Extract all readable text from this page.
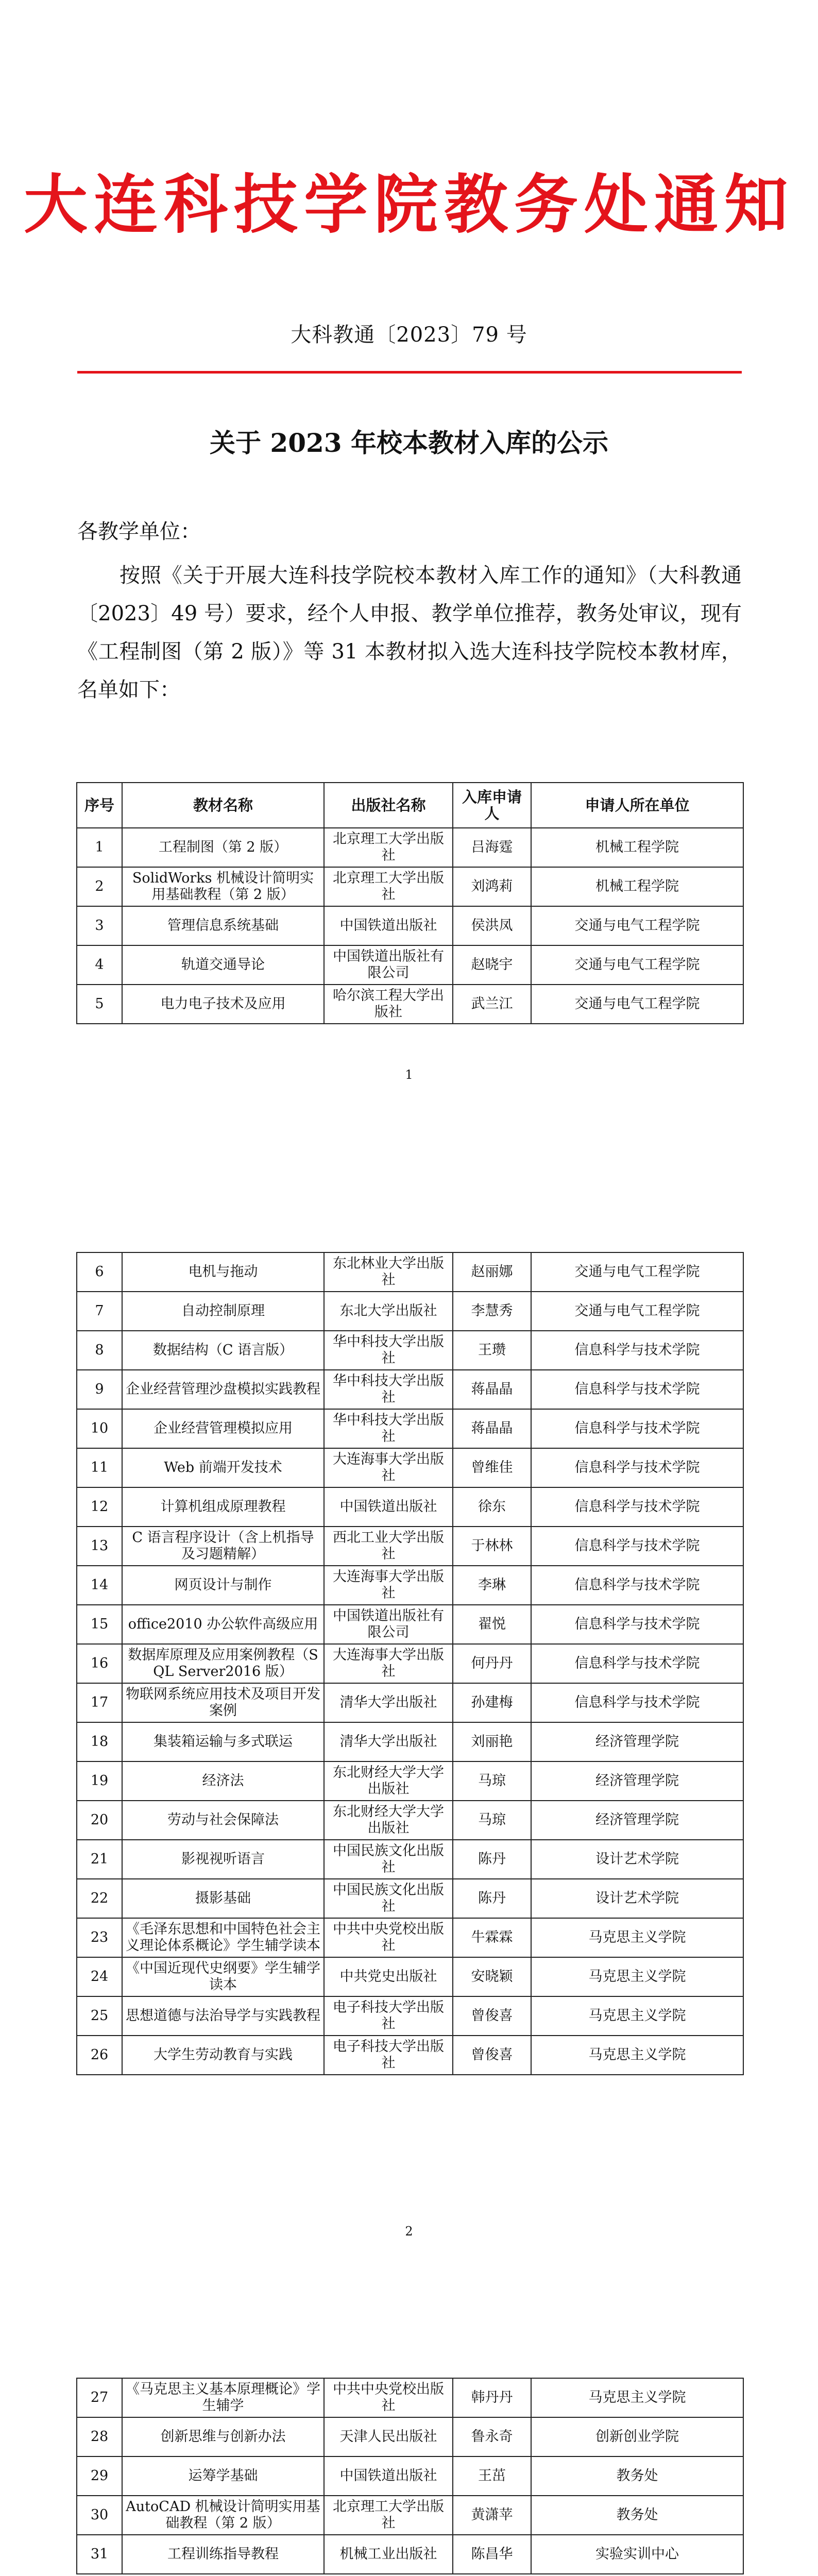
大连科技学院教务处通知
大科教通〔2023〕79 号
关于 2023 年校本教材入库的公示
各教学单位：
按照《关于开展大连科技学院校本教材入库工作的通知》（大科教通〔2023〕49 号）要求，经个人申报、教学单位推荐，教务处审议，现有《工程制图（第 2 版）》等 31 本教材拟入选大连科技学院校本教材库，名单如下：
序号	教材名称	出版社名称	入库申请人	申请人所在单位
1	工程制图（第 2 版）	北京理工大学出版社	吕海霆	机械工程学院
2	SolidWorks 机械设计简明实用基础教程（第 2 版）	北京理工大学出版社	刘鸿莉	机械工程学院
3	管理信息系统基础	中国铁道出版社	侯洪凤	交通与电气工程学院
4	轨道交通导论	中国铁道出版社有限公司	赵晓宇	交通与电气工程学院
5	电力电子技术及应用	哈尔滨工程大学出版社	武兰江	交通与电气工程学院
1
2
6	电机与拖动	东北林业大学出版社	赵丽娜	交通与电气工程学院
7	自动控制原理	东北大学出版社	李慧秀	交通与电气工程学院
8	数据结构（C 语言版）	华中科技大学出版社	王瓒	信息科学与技术学院
9	企业经营管理沙盘模拟实践教程	华中科技大学出版社	蒋晶晶	信息科学与技术学院
10	企业经营管理模拟应用	华中科技大学出版社	蒋晶晶	信息科学与技术学院
11	Web 前端开发技术	大连海事大学出版社	曾维佳	信息科学与技术学院
12	计算机组成原理教程	中国铁道出版社	徐东	信息科学与技术学院
13	C 语言程序设计（含上机指导及习题精解）	西北工业大学出版社	于林林	信息科学与技术学院
14	网页设计与制作	大连海事大学出版社	李琳	信息科学与技术学院
15	office2010 办公软件高级应用	中国铁道出版社有限公司	翟悦	信息科学与技术学院
16	数据库原理及应用案例教程（SQL Server2016 版）	大连海事大学出版社	何丹丹	信息科学与技术学院
17	物联网系统应用技术及项目开发案例	清华大学出版社	孙建梅	信息科学与技术学院
18	集装箱运输与多式联运	清华大学出版社	刘丽艳	经济管理学院
19	经济法	东北财经大学大学出版社	马琼	经济管理学院
20	劳动与社会保障法	东北财经大学大学出版社	马琼	经济管理学院
21	影视视听语言	中国民族文化出版社	陈丹	设计艺术学院
22	摄影基础	中国民族文化出版社	陈丹	设计艺术学院
23	《毛泽东思想和中国特色社会主义理论体系概论》学生辅学读本	中共中央党校出版社	牛霖霖	马克思主义学院
24	《中国近现代史纲要》学生辅学读本	中共党史出版社	安晓颖	马克思主义学院
25	思想道德与法治导学与实践教程	电子科技大学出版社	曾俊喜	马克思主义学院
26	大学生劳动教育与实践	电子科技大学出版社	曾俊喜	马克思主义学院
27	《马克思主义基本原理概论》学生辅学	中共中央党校出版社	韩丹丹	马克思主义学院
28	创新思维与创新办法	天津人民出版社	鲁永奇	创新创业学院
29	运筹学基础	中国铁道出版社	王茁	教务处
30	AutoCAD 机械设计简明实用基础教程（第 2 版）	北京理工大学出版社	黄潇苹	教务处
31	工程训练指导教程	机械工业出版社	陈昌华	实验实训中心
